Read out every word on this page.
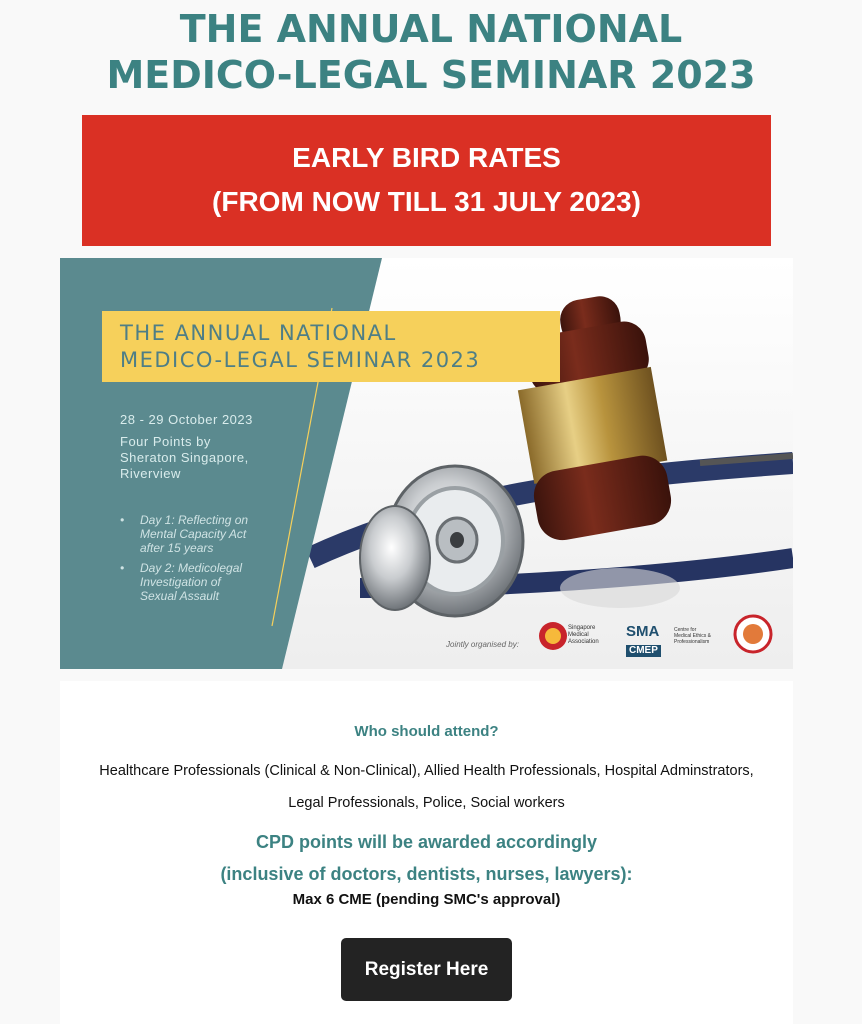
THE ANNUAL NATIONAL
MEDICO-LEGAL SEMINAR 2023
EARLY BIRD RATES
(FROM NOW TILL 31 JULY 2023)
THE ANNUAL NATIONAL
MEDICO-LEGAL SEMINAR 2023
28 - 29 October 2023
Four Points by
Sheraton Singapore,
Riverview
• Day 1: Reflecting on
Mental Capacity Act
after 15 years
• Day 2: Medicolegal
Investigation of
Sexual Assault
Jointly organised by:
Singapore
Medical
Association
SMA
CMEP
Centre for
Medical Ethics &
Professionalism
Who should attend?
Healthcare Professionals (Clinical & Non-Clinical), Allied Health Professionals, Hospital Adminstrators,
Legal Professionals, Police, Social workers
CPD points will be awarded accordingly
(inclusive of doctors, dentists, nurses, lawyers):
Max 6 CME (pending SMC's approval)
Register Here
